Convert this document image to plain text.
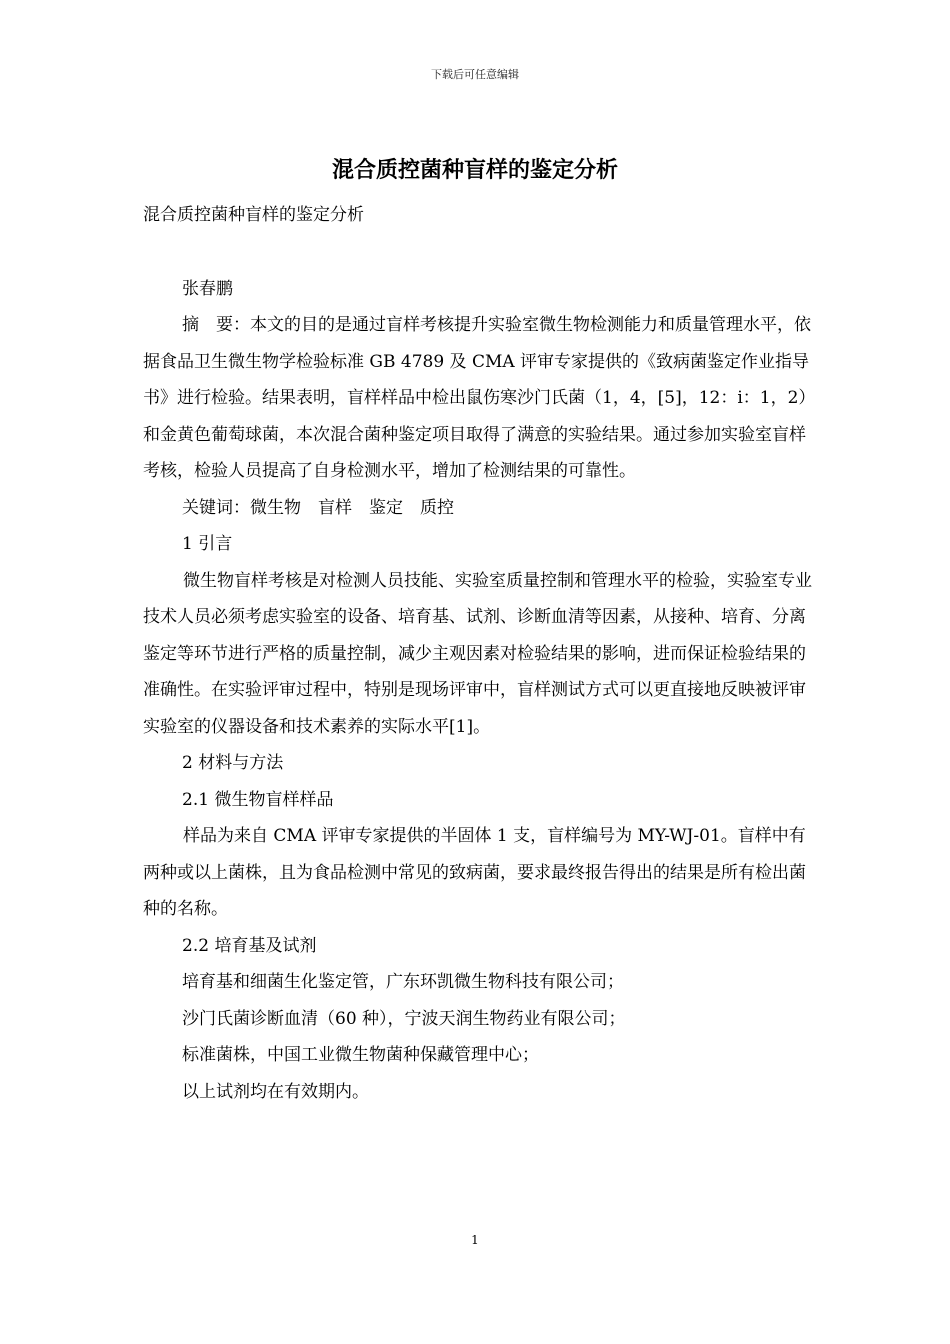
下载后可任意编辑
混合质控菌种盲样的鉴定分析

混合质控菌种盲样的鉴定分析

张春鹏

摘　要：本文的目的是通过盲样考核提升实验室微生物检测能力和质量管理水平，依据食品卫生微生物学检验标准 GB 4789 及 CMA 评审专家提供的《致病菌鉴定作业指导书》进行检验。结果表明，盲样样品中检出鼠伤寒沙门氏菌（1，4，[5]，12：i：1，2）和金黄色葡萄球菌，本次混合菌种鉴定项目取得了满意的实验结果。通过参加实验室盲样考核，检验人员提高了自身检测水平，增加了检测结果的可靠性。

关键词：微生物　盲样　鉴定　质控

1 引言

微生物盲样考核是对检测人员技能、实验室质量控制和管理水平的检验，实验室专业技术人员必须考虑实验室的设备、培育基、试剂、诊断血清等因素，从接种、培育、分离鉴定等环节进行严格的质量控制，减少主观因素对检验结果的影响，进而保证检验结果的准确性。在实验评审过程中，特别是现场评审中，盲样测试方式可以更直接地反映被评审实验室的仪器设备和技术素养的实际水平[1]。

2 材料与方法

2.1 微生物盲样样品

样品为来自 CMA 评审专家提供的半固体 1 支，盲样编号为 MY-WJ-01。盲样中有两种或以上菌株，且为食品检测中常见的致病菌，要求最终报告得出的结果是所有检出菌种的名称。

2.2 培育基及试剂

培育基和细菌生化鉴定管，广东环凯微生物科技有限公司；

沙门氏菌诊断血清（60 种），宁波天润生物药业有限公司；

标准菌株，中国工业微生物菌种保藏管理中心；

以上试剂均在有效期内。

1
